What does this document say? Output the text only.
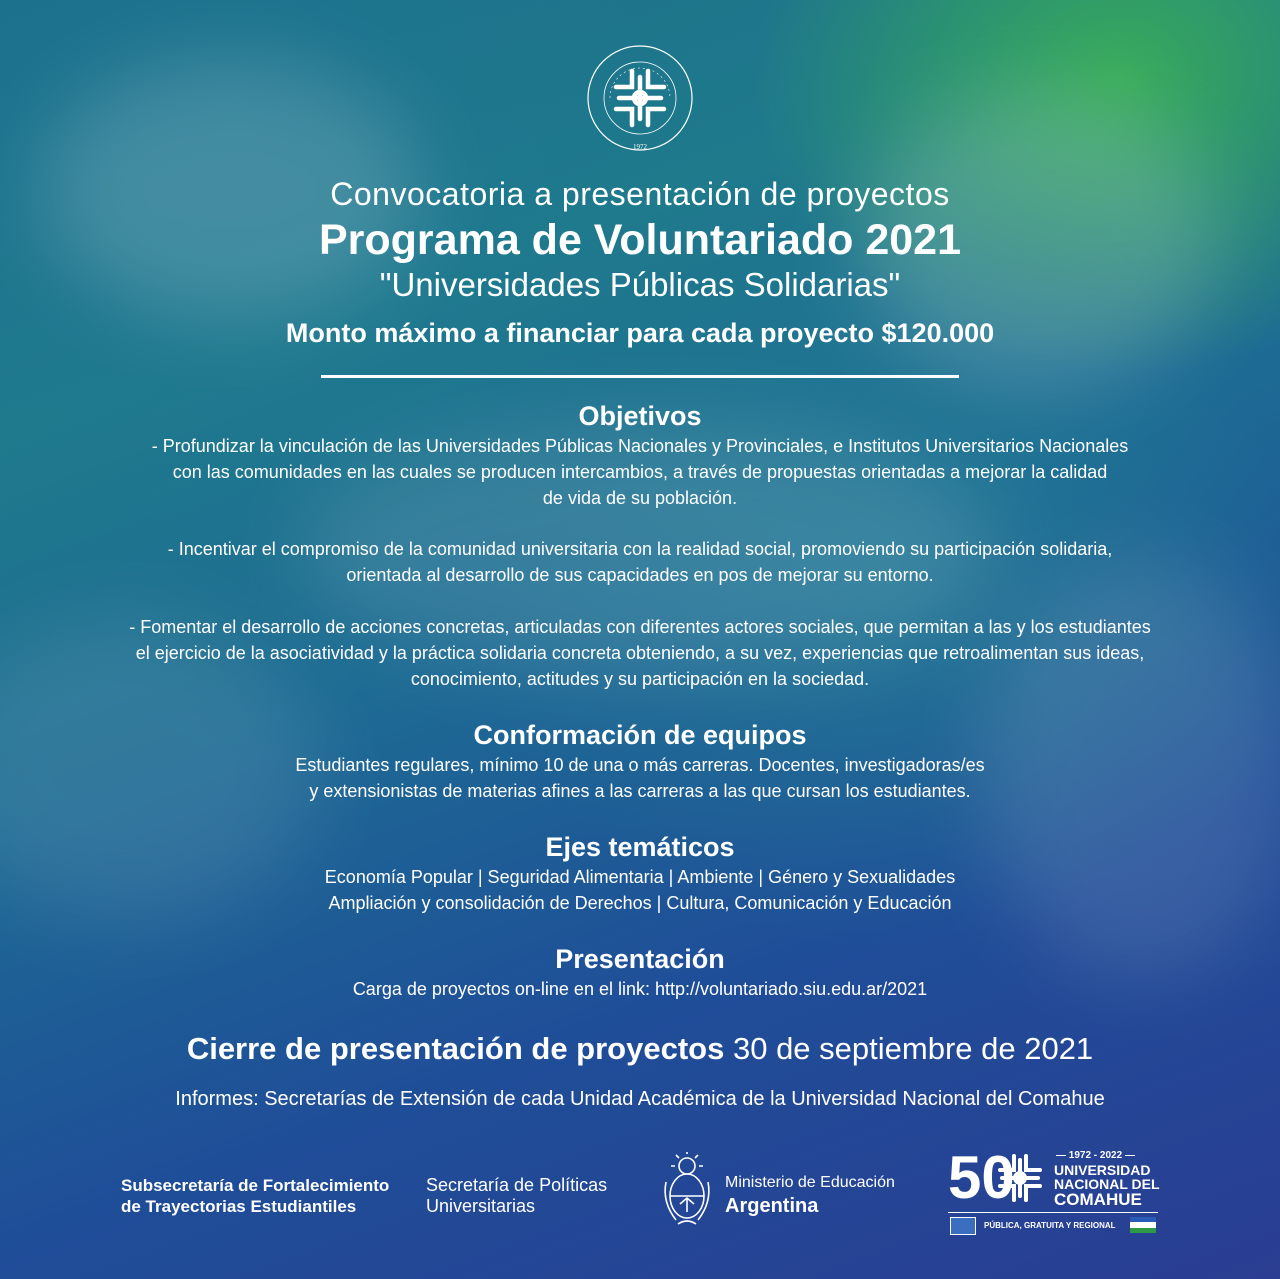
1972
Convocatoria a presentación de proyectos
Programa de Voluntariado 2021
"Universidades Públicas Solidarias"
Monto máximo a financiar para cada proyecto $120.000
Objetivos
- Profundizar la vinculación de las Universidades Públicas Nacionales y Provinciales, e Institutos Universitarios Nacionales
con las comunidades en las cuales se producen intercambios, a través de propuestas orientadas a mejorar la calidad
de vida de su población.
- Incentivar el compromiso de la comunidad universitaria con la realidad social, promoviendo su participación solidaria,
orientada al desarrollo de sus capacidades en pos de mejorar su entorno.
- Fomentar el desarrollo de acciones concretas, articuladas con diferentes actores sociales, que permitan a las y los estudiantes
el ejercicio de la asociatividad y la práctica solidaria concreta obteniendo, a su vez, experiencias que retroalimentan sus ideas,
conocimiento, actitudes y su participación en la sociedad.
Conformación de equipos
Estudiantes regulares, mínimo 10 de una o más carreras. Docentes, investigadoras/es
y extensionistas de materias afines a las carreras a las que cursan los estudiantes.
Ejes temáticos
Economía Popular | Seguridad Alimentaria | Ambiente | Género y Sexualidades
Ampliación y consolidación de Derechos | Cultura, Comunicación y Educación
Presentación
Carga de proyectos on-line en el link: http://voluntariado.siu.edu.ar/2021
Cierre de presentación de proyectos 30 de septiembre de 2021
Informes: Secretarías de Extensión de cada Unidad Académica de la Universidad Nacional del Comahue
Subsecretaría de Fortalecimiento
de Trayectorias Estudiantiles
Secretaría de Políticas
Universitarias
Ministerio de Educación
Argentina	50	— 1972 - 2022 —
UNIVERSIDAD
NACIONAL DEL
COMAHUE
PÚBLICA, GRATUITA Y REGIONAL
